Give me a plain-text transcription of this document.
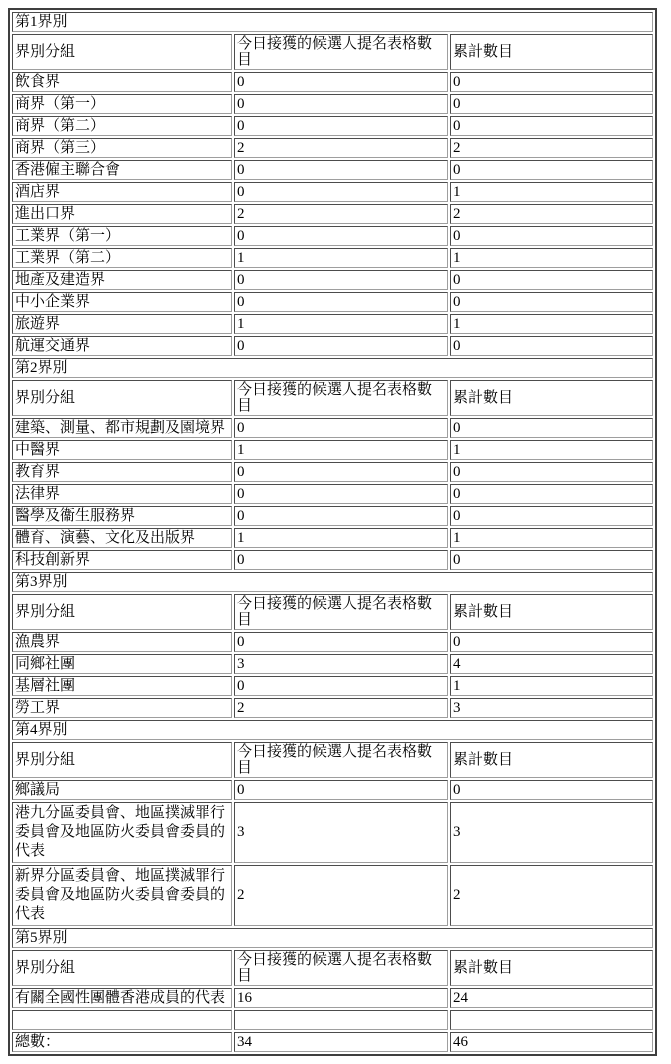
第1界別		
界別分組	今日接獲的候選人提名表格數目	累計數目
飲食界	0	0
商界（第一）	0	0
商界（第二）	0	0
商界（第三）	2	2
香港僱主聯合會	0	0
酒店界	0	1
進出口界	2	2
工業界（第一）	0	0
工業界（第二）	1	1
地產及建造界	0	0
中小企業界	0	0
旅遊界	1	1
航運交通界	0	0
第2界別		
界別分組	今日接獲的候選人提名表格數目	累計數目
建築、測量、都市規劃及園境界	0	0
中醫界	1	1
教育界	0	0
法律界	0	0
醫學及衞生服務界	0	0
體育、演藝、文化及出版界	1	1
科技創新界	0	0
第3界別		
界別分組	今日接獲的候選人提名表格數目	累計數目
漁農界	0	0
同鄉社團	3	4
基層社團	0	1
勞工界	2	3
第4界別		
界別分組	今日接獲的候選人提名表格數目	累計數目
鄉議局	0	0
港九分區委員會、地區撲滅罪行委員會及地區防火委員會委員的代表	3	3
新界分區委員會、地區撲滅罪行委員會及地區防火委員會委員的代表	2	2
第5界別		
界別分組	今日接獲的候選人提名表格數目	累計數目
有關全國性團體香港成員的代表	16	24

總數：	34	46
